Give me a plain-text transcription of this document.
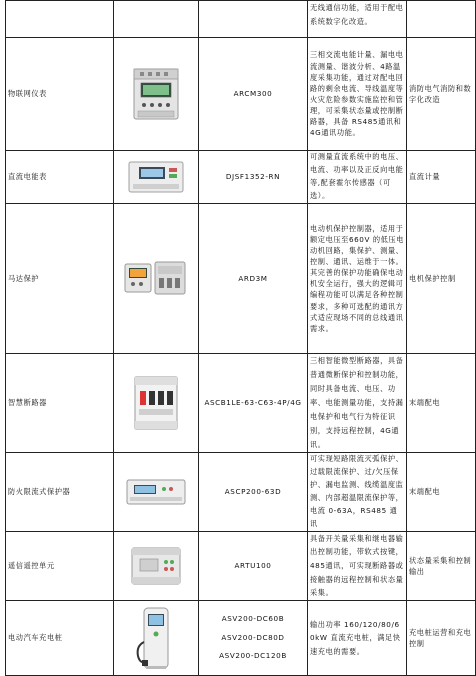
			无线通信功能，适用于配电系统数字化改造。	
物联网仪表		ARCM300	三相交流电能计量、漏电电流测量、谐波分析、4路温度采集功能，通过对配电回路的剩余电流、导线温度等火灾危险参数实施监控和管理，可采集状态量或控制断路器，具备 RS485通讯和4G通讯功能。	消防电气消防和数字化改造
直流电能表		DJSF1352-RN	可测量直流系统中的电压、电流、功率以及正反向电能等,配套霍尔传感器（可选）。	直流计量
马达保护		ARD3M	电动机保护控制器，适用于额定电压至660V 的低压电动机回路，集保护、测量、控制、通讯、运维于一体。其完善的保护功能确保电动机安全运行，强大的逻辑可编程功能可以满足各种控制要求，多种可选配的通讯方式适应现场不同的总线通讯需求。	电机保护控制
智慧断路器		ASCB1LE-63-C63-4P/4G	三相智能微型断路器，具备普通微断保护和控制功能，同时具备电流、电压、功率、电能测量功能，支持漏电保护和电气行为特征识别，支持远程控制，4G通讯。	末端配电
防火限流式保护器		ASCP200-63D	可实现短路限流灭弧保护、过载限流保护、过/欠压保护、漏电监测、线缆温度监测、内部超温限流保护等，电流 0-63A，RS485 通讯	末端配电
遥信遥控单元		ARTU100	具备开关量采集和继电器输出控制功能，带软式按键，485通讯，可实现断路器或接触器的远程控制和状态量采集。	状态量采集和控制输出
电动汽车充电桩		ASV200-DC60B
ASV200-DC80D
ASV200-DC120B	输出功率 160/120/80/60kW 直流充电桩，满足快速充电的需要。	充电桩运营和充电控制
